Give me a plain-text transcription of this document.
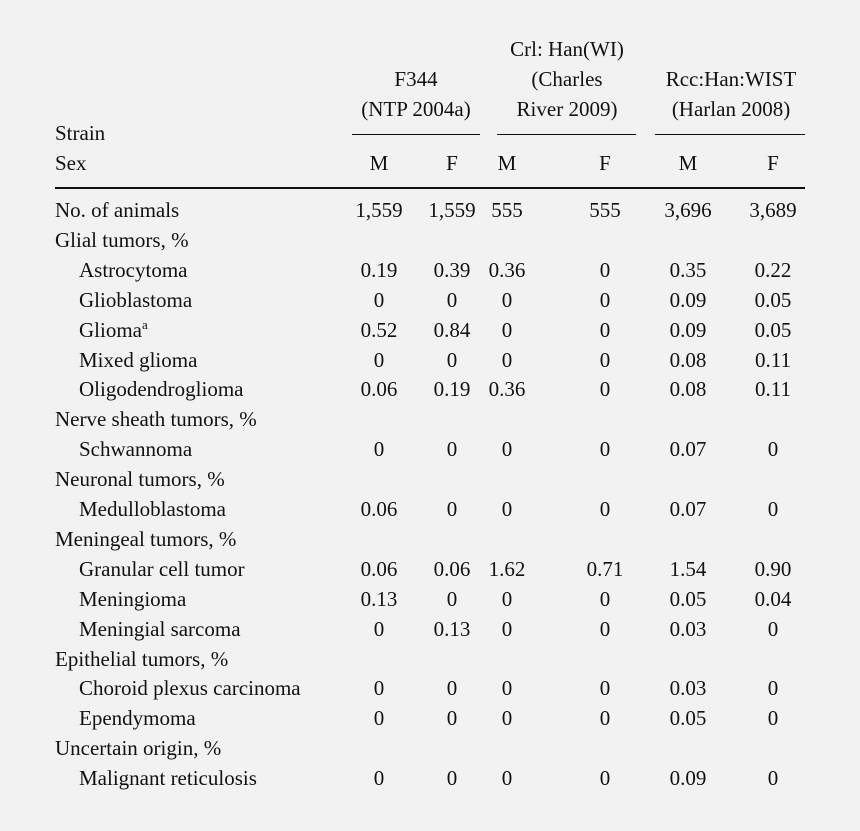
Strain
Sex
F344
(NTP 2004a)
Crl: Han(WI)
(Charles
River 2009)
Rcc:Han:WIST
(Harlan 2008)
M	F M	F	M	F
No. of animals	1,559 1,559 555	555 3,696 3,689
Glial tumors, %
Astrocytoma	0.19 0.39 0.36	0	0.35 0.22
Glioblastoma	0	0 0	0	0.09 0.05
Glioma$^a$	0.52 0.84 0	0	0.09 0.05
Mixed glioma	0	0 0	0	0.08 0.11
Oligodendroglioma	0.06 0.19 0.36	0	0.08 0.11
Nerve sheath tumors, %
Schwannoma	0	0 0	0	0.07	0
Neuronal tumors, %
Medulloblastoma	0.06 0 0	0	0.07	0
Meningeal tumors, %
Granular cell tumor	0.06 0.06 1.62	0.71 1.54 0.90
Meningioma	0.13 0 0	0	0.05 0.04
Meningial sarcoma	0 0.13 0	0	0.03	0
Epithelial tumors, %
Choroid plexus carcinoma	0	0 0	0	0.03	0
Ependymoma	0	0 0	0	0.05	0
Uncertain origin, %
Malignant reticulosis	0	0 0	0	0.09	0
